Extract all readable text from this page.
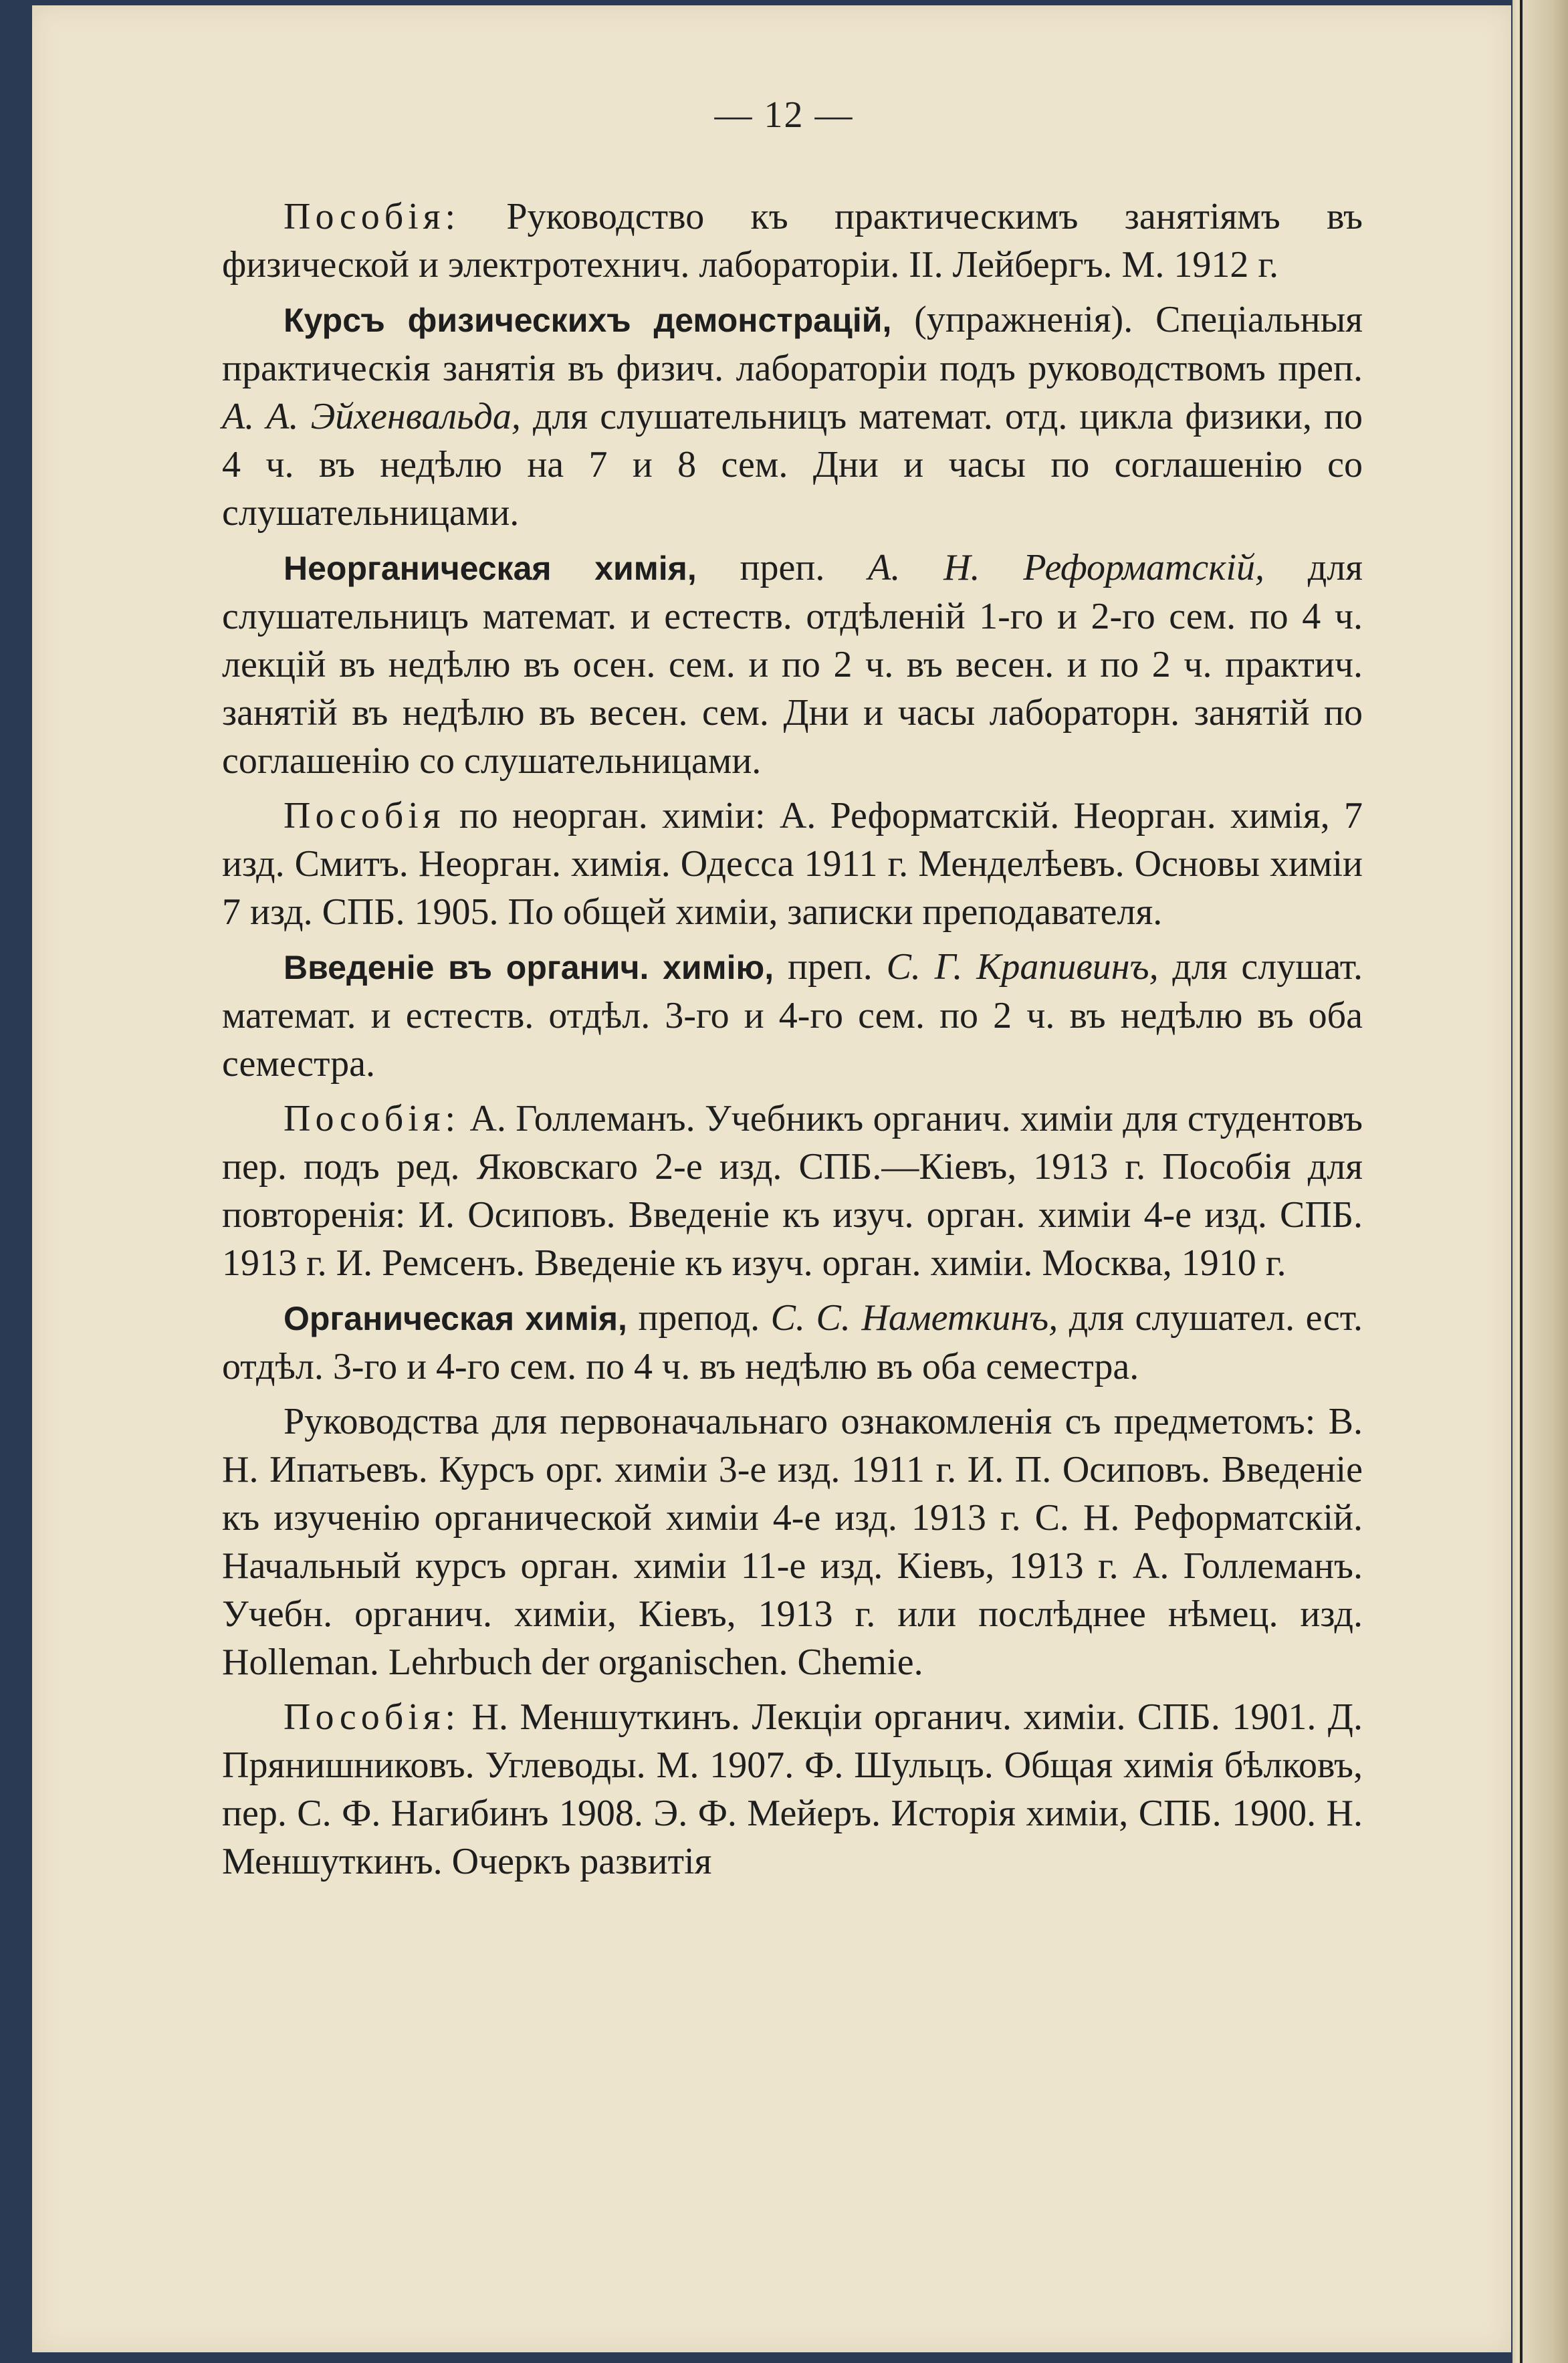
— 12 —

Пособія: Руководство къ практическимъ занятіямъ въ физической и электротехнич. лабораторіи. II. Лейбергъ. М. 1912 г.

Курсъ физическихъ демонстрацій, (упражненія). Спеціальныя практическія занятія въ физич. лабораторіи подъ руководствомъ преп. А. А. Эйхенвальда, для слушательницъ математ. отд. цикла физики, по 4 ч. въ недѣлю на 7 и 8 сем. Дни и часы по соглашенію со слушательницами.

Неорганическая химія, преп. А. Н. Реформатскій, для слушательницъ математ. и естеств. отдѣленій 1-го и 2-го сем. по 4 ч. лекцій въ недѣлю въ осен. сем. и по 2 ч. въ весен. и по 2 ч. практич. занятій въ недѣлю въ весен. сем. Дни и часы лабораторн. занятій по соглашенію со слушательницами.

Пособія по неорган. химіи: А. Реформатскій. Неорган. химія, 7 изд. Смитъ. Неорган. химія. Одесса 1911 г. Менделѣевъ. Основы химіи 7 изд. СПБ. 1905. По общей химіи, записки преподавателя.

Введеніе въ органич. химію, преп. С. Г. Крапивинъ, для слушат. математ. и естеств. отдѣл. 3-го и 4-го сем. по 2 ч. въ недѣлю въ оба семестра.

Пособія: А. Голлеманъ. Учебникъ органич. химіи для студентовъ пер. подъ ред. Яковскаго 2-е изд. СПБ.—Кіевъ, 1913 г. Пособія для повторенія: И. Осиповъ. Введеніе къ изуч. орган. химіи 4-е изд. СПБ. 1913 г. И. Ремсенъ. Введеніе къ изуч. орган. химіи. Москва, 1910 г.

Органическая химія, препод. С. С. Наметкинъ, для слушател. ест. отдѣл. 3-го и 4-го сем. по 4 ч. въ недѣлю въ оба семестра.

Руководства для первоначальнаго ознакомленія съ предметомъ: В. Н. Ипатьевъ. Курсъ орг. химіи 3-е изд. 1911 г. И. П. Осиповъ. Введеніе къ изученію органической химіи 4-е изд. 1913 г. С. Н. Реформатскій. Начальный курсъ орган. химіи 11-е изд. Кіевъ, 1913 г. А. Голлеманъ. Учебн. органич. химіи, Кіевъ, 1913 г. или послѣднее нѣмец. изд. Holleman. Lehrbuch der organischen. Chemie.

Пособія: Н. Меншуткинъ. Лекціи органич. химіи. СПБ. 1901. Д. Прянишниковъ. Углеводы. М. 1907. Ф. Шульцъ. Общая химія бѣлковъ, пер. С. Ф. Нагибинъ 1908. Э. Ф. Мейеръ. Исторія химіи, СПБ. 1900. Н. Меншуткинъ. Очеркъ развитія
